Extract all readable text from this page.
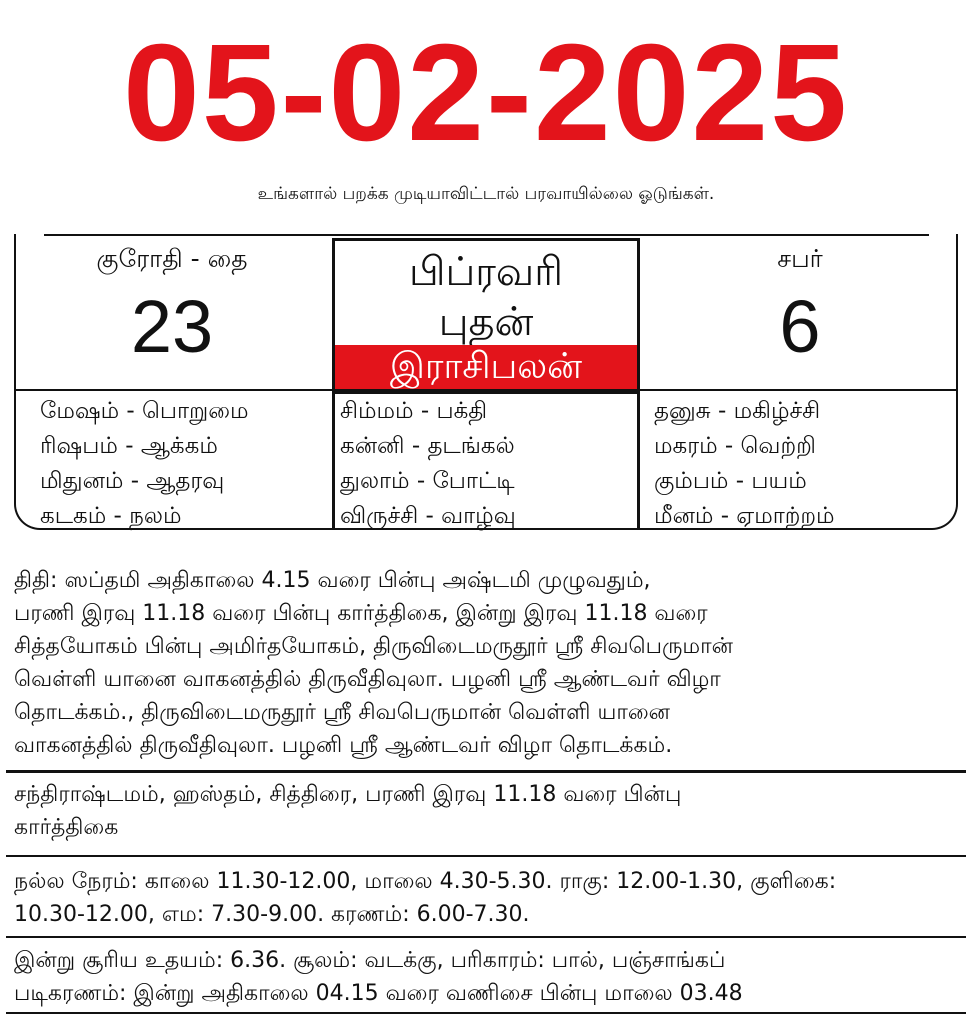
05-02-2025
உங்களால் பறக்க முடியாவிட்டால் பரவாயில்லை ஓடுங்கள்.
குரோதி - தை
23
பிப்ரவரி
புதன்
இராசிபலன்
சபர்
6
மேஷம் - பொறுமை
ரிஷபம் - ஆக்கம்
மிதுனம் - ஆதரவு
கடகம் - நலம்
சிம்மம் - பக்தி
கன்னி - தடங்கல்
துலாம் - போட்டி
விருச்சி - வாழ்வு
தனுசு - மகிழ்ச்சி
மகரம் - வெற்றி
கும்பம் - பயம்
மீனம் - ஏமாற்றம்
திதி: ஸப்தமி அதிகாலை 4.15 வரை பின்பு அஷ்டமி முழுவதும்,
பரணி இரவு 11.18 வரை பின்பு கார்த்திகை, இன்று இரவு 11.18 வரை
சித்தயோகம் பின்பு அமிர்தயோகம், திருவிடைமருதூர் ஸ்ரீ சிவபெருமான்
வெள்ளி யானை வாகனத்தில் திருவீதிவுலா. பழனி ஸ்ரீ ஆண்டவர் விழா
தொடக்கம்., திருவிடைமருதூர் ஸ்ரீ சிவபெருமான் வெள்ளி யானை
வாகனத்தில் திருவீதிவுலா. பழனி ஸ்ரீ ஆண்டவர் விழா தொடக்கம்.
சந்திராஷ்டமம், ஹஸ்தம், சித்திரை, பரணி இரவு 11.18 வரை பின்பு
கார்த்திகை
நல்ல நேரம்: காலை 11.30-12.00, மாலை 4.30-5.30. ராகு: 12.00-1.30, குளிகை:
10.30-12.00, எம: 7.30-9.00. கரணம்: 6.00-7.30.
இன்று சூரிய உதயம்: 6.36. சூலம்: வடக்கு, பரிகாரம்: பால், பஞ்சாங்கப்
படிகரணம்: இன்று அதிகாலை 04.15 வரை வணிசை பின்பு மாலை 03.48
